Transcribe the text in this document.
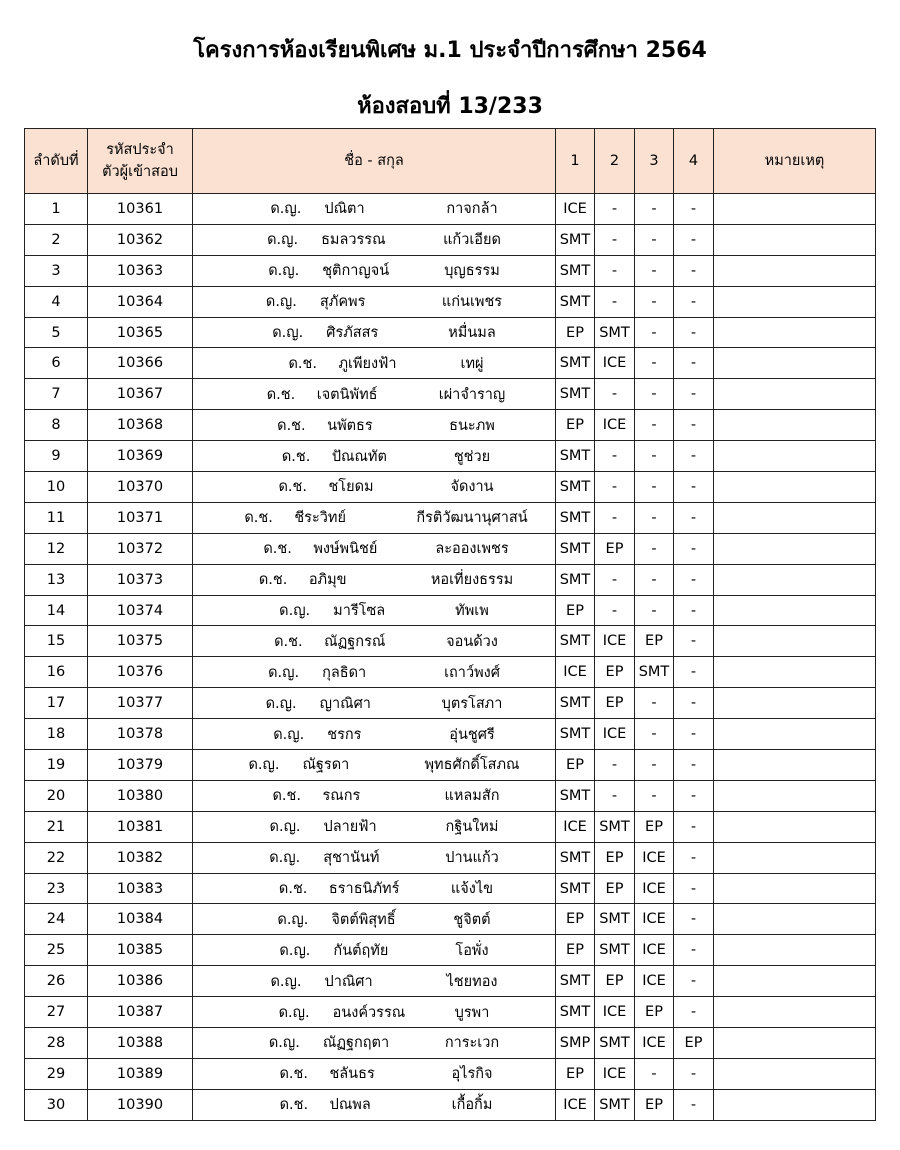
โครงการห้องเรียนพิเศษ ม.1 ประจำปีการศึกษา 2564
ห้องสอบที่ 13/233
ลำดับที่	รหัสประจำตัวผู้เข้าสอบ	ชื่อ - สกุล	1	2	3	4	หมายเหตุ
1	10361	ด.ญ. ปณิตา กาจกล้า	ICE	-	-	-	
2	10362	ด.ญ. ธมลวรรณ แก้วเอียด	SMT	-	-	-	
3	10363	ด.ญ. ชุติกาญจน์ บุญธรรม	SMT	-	-	-	
4	10364	ด.ญ. สุภัคพร แก่นเพชร	SMT	-	-	-	
5	10365	ด.ญ. ศิรภัสสร หมื่นมล	EP	SMT	-	-	
6	10366	ด.ช. ภูเพียงฟ้า เทผู่	SMT	ICE	-	-	
7	10367	ด.ช. เจตนิพัทธ์ เผ่าจำราญ	SMT	-	-	-	
8	10368	ด.ช. นพัตธร ธนะภพ	EP	ICE	-	-	
9	10369	ด.ช. ปัณณทัต ชูช่วย	SMT	-	-	-	
10	10370	ด.ช. ชโยดม จัดงาน	SMT	-	-	-	
11	10371	ด.ช. ชีระวิทย์ กีรติวัฒนานุศาสน์	SMT	-	-	-	
12	10372	ด.ช. พงษ์พนิชย์ ละอองเพชร	SMT	EP	-	-	
13	10373	ด.ช. อภิมุข หอเที่ยงธรรม	SMT	-	-	-	
14	10374	ด.ญ. มารีโซล ทัพเพ	EP	-	-	-	
15	10375	ด.ช. ณัฏฐกรณ์ จอนด้วง	SMT	ICE	EP	-	
16	10376	ด.ญ. กุลธิดา เถาว์พงศ์	ICE	EP	SMT	-	
17	10377	ด.ญ. ญาณิศา บุตรโสภา	SMT	EP	-	-	
18	10378	ด.ญ. ชรกร อุ่นชูศรี	SMT	ICE	-	-	
19	10379	ด.ญ. ณัฐรดา พุทธศักดิ์โสภณ	EP	-	-	-	
20	10380	ด.ช. รณกร แหลมสัก	SMT	-	-	-	
21	10381	ด.ญ. ปลายฟ้า กฐินใหม่	ICE	SMT	EP	-	
22	10382	ด.ญ. สุชานันท์ ปานแก้ว	SMT	EP	ICE	-	
23	10383	ด.ช. ธราธนิภัทร์ แจ้งไข	SMT	EP	ICE	-	
24	10384	ด.ญ. จิตต์พิสุทธิ์ ชูจิตต์	EP	SMT	ICE	-	
25	10385	ด.ญ. กันต์ฤทัย โอพั่ง	EP	SMT	ICE	-	
26	10386	ด.ญ. ปาณิศา ไชยทอง	SMT	EP	ICE	-	
27	10387	ด.ญ. อนงค์วรรณ บูรพา	SMT	ICE	EP	-	
28	10388	ด.ญ. ณัฏฐกฤตา การะเวก	SMP	SMT	ICE	EP	
29	10389	ด.ช. ชลันธร อุไรกิจ	EP	ICE	-	-	
30	10390	ด.ช. ปณพล เกื้อกิ้ม	ICE	SMT	EP	-	
